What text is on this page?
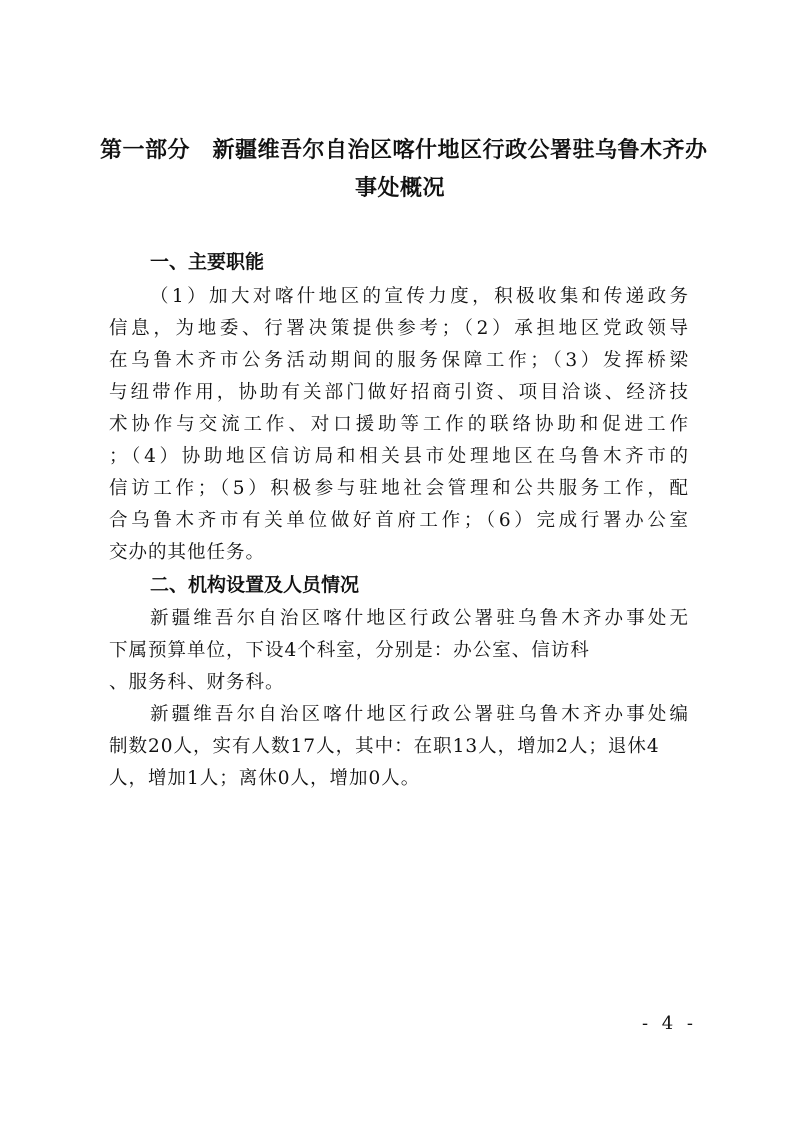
第一部分　新疆维吾尔自治区喀什地区行政公署驻乌鲁木齐办
事处概况
一、主要职能
（1）加大对喀什地区的宣传力度，积极收集和传递政务
信息，为地委、行署决策提供参考；（2）承担地区党政领导
在乌鲁木齐市公务活动期间的服务保障工作；（3）发挥桥梁
与纽带作用，协助有关部门做好招商引资、项目洽谈、经济技
术协作与交流工作、对口援助等工作的联络协助和促进工作
；（4）协助地区信访局和相关县市处理地区在乌鲁木齐市的
信访工作；（5）积极参与驻地社会管理和公共服务工作，配
合乌鲁木齐市有关单位做好首府工作；（6）完成行署办公室
交办的其他任务。
二、机构设置及人员情况
新疆维吾尔自治区喀什地区行政公署驻乌鲁木齐办事处无
下属预算单位，下设4个科室，分别是：办公室、信访科
、服务科、财务科。
新疆维吾尔自治区喀什地区行政公署驻乌鲁木齐办事处编
制数20人，实有人数17人，其中：在职13人，增加2人；退休4
人，增加1人；离休0人，增加0人。
- 4 -
